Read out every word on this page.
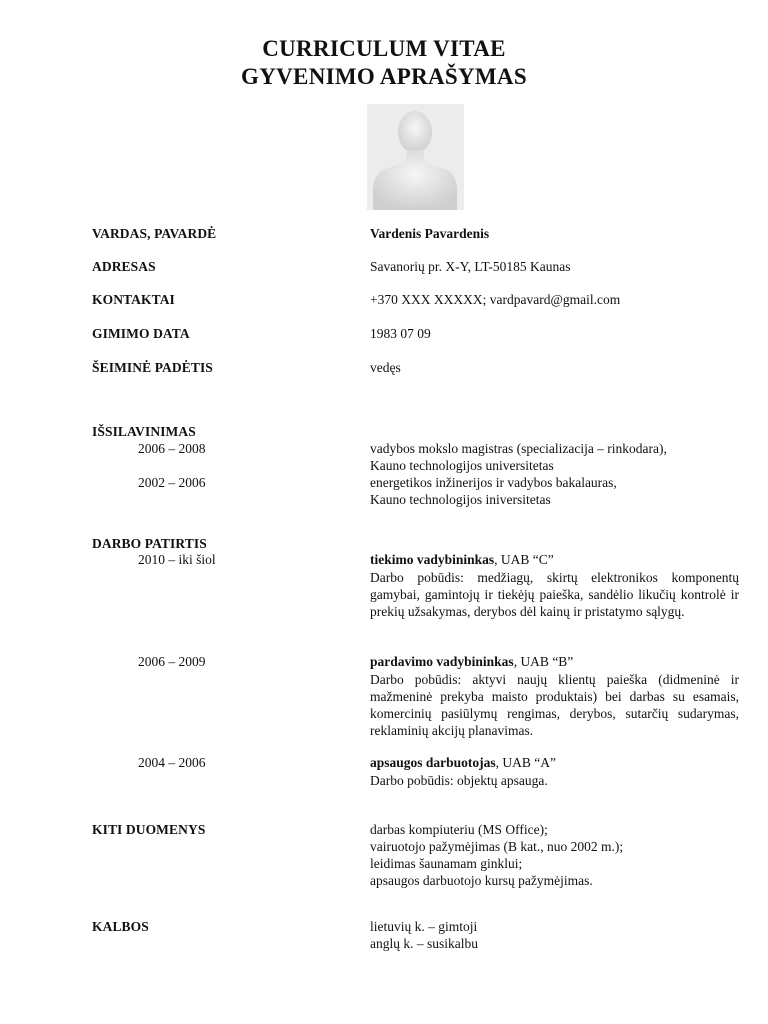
CURRICULUM VITAE
GYVENIMO APRAŠYMAS
VARDAS, PAVARDĖ	Vardenis Pavardenis
ADRESAS	Savanorių pr. X-Y, LT-50185 Kaunas
KONTAKTAI	+370 XXX XXXXX; vardpavard@gmail.com
GIMIMO DATA	1983 07 09
ŠEIMINĖ PADĖTIS	vedęs
IŠSILAVINIMAS
2006 – 2008	vadybos mokslo magistras (specializacija – rinkodara),
Kauno technologijos universitetas
2002 – 2006	energetikos inžinerijos ir vadybos bakalauras,
Kauno technologijos iniversitetas
DARBO PATIRTIS
2010 – iki šiol	tiekimo vadybininkas, UAB “C”
Darbo pobūdis: medžiagų, skirtų elektronikos komponentų gamybai, gamintojų ir tiekėjų paieška, sandėlio likučių kontrolė ir prekių užsakymas, derybos dėl kainų ir pristatymo sąlygų.
2006 – 2009	pardavimo vadybininkas, UAB “B”
Darbo pobūdis: aktyvi naujų klientų paieška (didmeninė ir mažmeninė prekyba maisto produktais) bei darbas su esamais, komercinių pasiūlymų rengimas, derybos, sutarčių sudarymas, reklaminių akcijų planavimas.
2004 – 2006	apsaugos darbuotojas, UAB “A”
Darbo pobūdis: objektų apsauga.
KITI DUOMENYS	darbas kompiuteriu (MS Office);
vairuotojo pažymėjimas (B kat., nuo 2002 m.);
leidimas šaunamam ginklui;
apsaugos darbuotojo kursų pažymėjimas.
KALBOS	lietuvių k. – gimtoji
anglų k. – susikalbu
